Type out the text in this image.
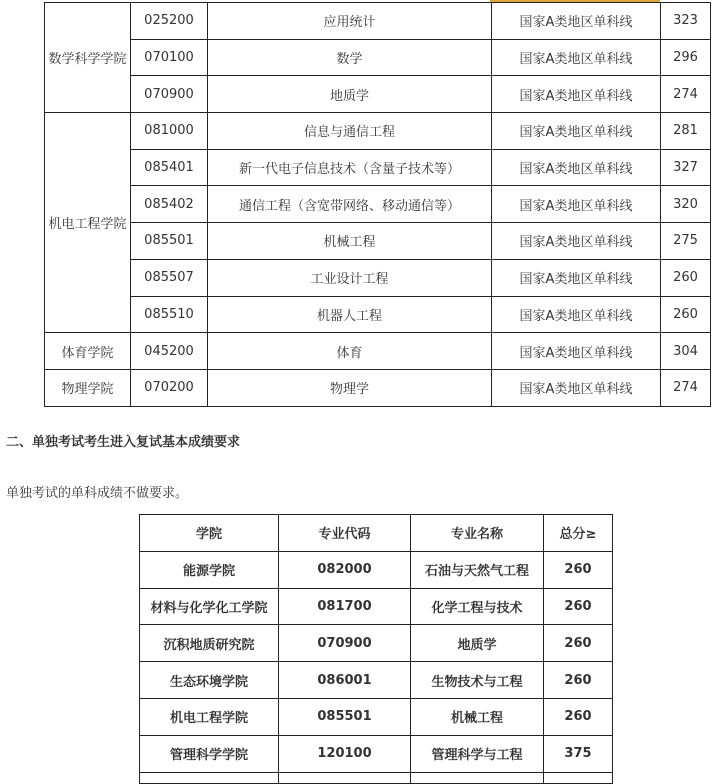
数学科学学院	025200	应用统计	国家A类地区单科线	323
	070100	数学	国家A类地区单科线	296
	070900	地质学	国家A类地区单科线	274
机电工程学院	081000	信息与通信工程	国家A类地区单科线	281
	085401	新一代电子信息技术（含量子技术等）	国家A类地区单科线	327
	085402	通信工程（含宽带网络、移动通信等）	国家A类地区单科线	320
	085501	机械工程	国家A类地区单科线	275
	085507	工业设计工程	国家A类地区单科线	260
	085510	机器人工程	国家A类地区单科线	260
体育学院	045200	体育	国家A类地区单科线	304
物理学院	070200	物理学	国家A类地区单科线	274
二、单独考试考生进入复试基本成绩要求

单独考试的单科成绩不做要求。

学院	专业代码	专业名称	总分≥
能源学院	082000	石油与天然气工程	260
材料与化学化工学院	081700	化学工程与技术	260
沉积地质研究院	070900	地质学	260
生态环境学院	086001	生物技术与工程	260
机电工程学院	085501	机械工程	260
管理科学学院	120100	管理科学与工程	375
